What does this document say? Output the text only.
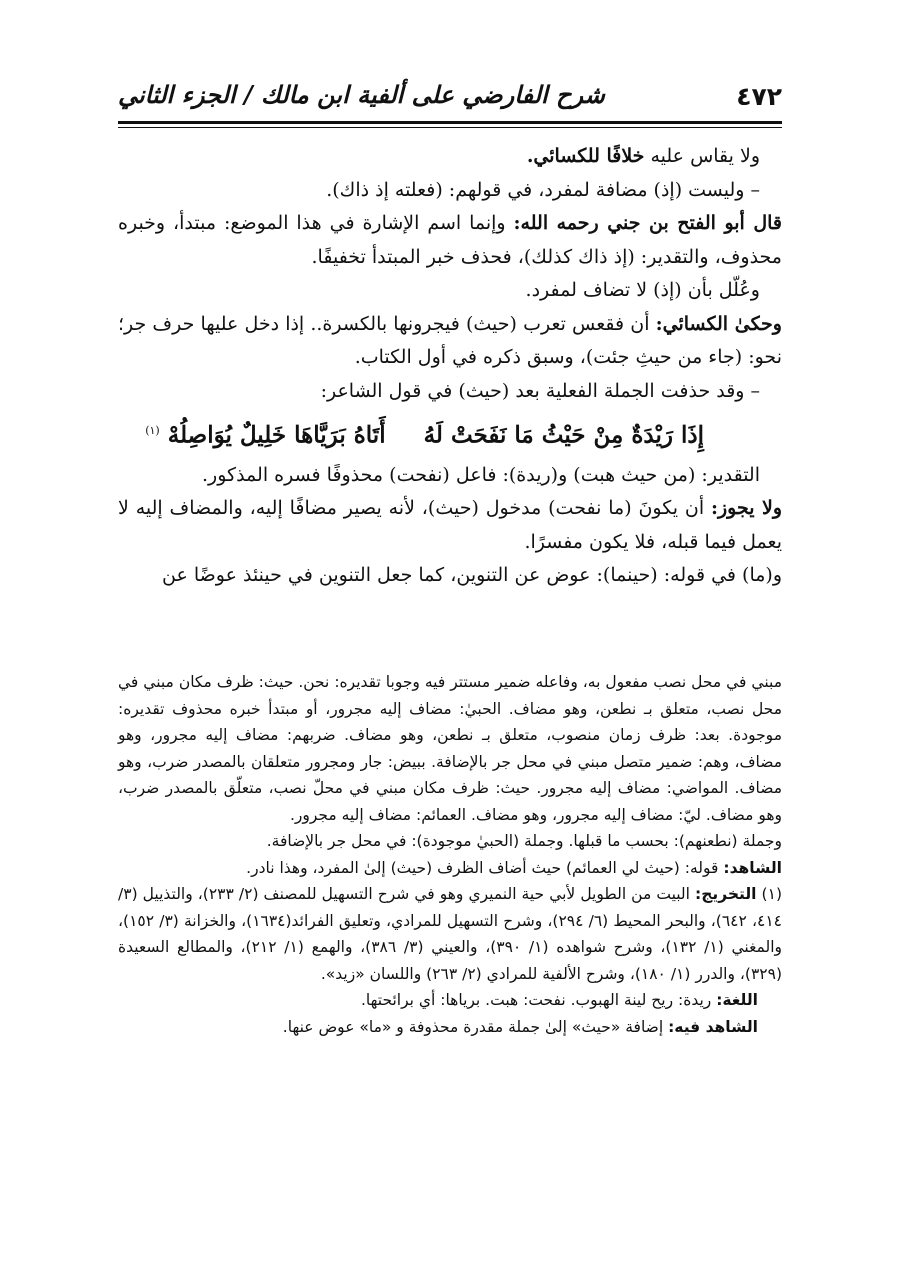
٤٧٢
شرح الفارضي على ألفية ابن مالك / الجزء الثاني

ولا يقاس عليه خلافًا للكسائي.

– وليست (إذ) مضافة لمفرد، في قولهم: (فعلته إذ ذاك).

قال أبو الفتح بن جني رحمه الله: وإنما اسم الإشارة في هذا الموضع: مبتدأ، وخبره محذوف، والتقدير: (إذ ذاك كذلك)، فحذف خبر المبتدأ تخفيفًا.

وعُلّل بأن (إذ) لا تضاف لمفرد.

وحكىٰ الكسائي: أن فقعس تعرب (حيث) فيجرونها بالكسرة.. إذا دخل عليها حرف جر؛ نحو: (جاء من حيثِ جئت)، وسبق ذكره في أول الكتاب.

– وقد حذفت الجملة الفعلية بعد (حيث) في قول الشاعر:

إِذَا رَيْدَةٌ مِنْ حَيْثُ مَا نَفَحَتْ لَهُأَتَاهُ بَرَيَّاهَا خَلِيلٌ يُوَاصِلُهْ $^{(١)}$

التقدير: (من حيث هبت) و(ريدة): فاعل (نفحت) محذوفًا فسره المذكور.

ولا يجوز: أن يكونَ (ما نفحت) مدخول (حيث)، لأنه يصير مضافًا إليه، والمضاف إليه لا يعمل فيما قبله، فلا يكون مفسرًا.

و(ما) في قوله: (حينما): عوض عن التنوين، كما جعل التنوين في حينئذ عوضًا عن

مبني في محل نصب مفعول به، وفاعله ضمير مستتر فيه وجوبا تقديره: نحن. حيث: ظرف مكان مبني في محل نصب، متعلق بـ نطعن، وهو مضاف. الحبيٰ: مضاف إليه مجرور، أو مبتدأ خبره محذوف تقديره: موجودة. بعد: ظرف زمان منصوب، متعلق بـ نطعن، وهو مضاف. ضربهم: مضاف إليه مجرور، وهو مضاف، وهم: ضمير متصل مبني في محل جر بالإضافة. ببيض: جار ومجرور متعلقان بالمصدر ضرب، وهو مضاف. المواضي: مضاف إليه مجرور. حيث: ظرف مكان مبني في محلّ نصب، متعلّق بالمصدر ضرب، وهو مضاف. ليّ: مضاف إليه مجرور، وهو مضاف. العمائم: مضاف إليه مجرور.

وجملة (نطعنهم): بحسب ما قبلها. وجملة (الحبيٰ موجودة): في محل جر بالإضافة.

الشاهد: قوله: (حيث لي العمائم) حيث أضاف الظرف (حيث) إلىٰ المفرد، وهذا نادر.

(١) التخريج: البيت من الطويل لأبي حية النميري وهو في شرح التسهيل للمصنف (٢/ ٢٣٣)، والتذييل (٣/ ٤١٤، ٦٤٢)، والبحر المحيط (٦/ ٢٩٤)، وشرح التسهيل للمرادي، وتعليق الفرائد(١٦٣٤)، والخزانة (٣/ ١٥٢)، والمغني (١/ ١٣٢)، وشرح شواهده (١/ ٣٩٠)، والعيني (٣/ ٣٨٦)، والهمع (١/ ٢١٢)، والمطالع السعيدة (٣٢٩)، والدرر (١/ ١٨٠)، وشرح الألفية للمرادي (٢/ ٢٦٣) واللسان «زيد».

اللغة: ريدة: ريح لينة الهبوب. نفحت: هبت. برياها: أي برائحتها.

الشاهد فيه: إضافة «حيث» إلىٰ جملة مقدرة محذوفة و «ما» عوض عنها.
